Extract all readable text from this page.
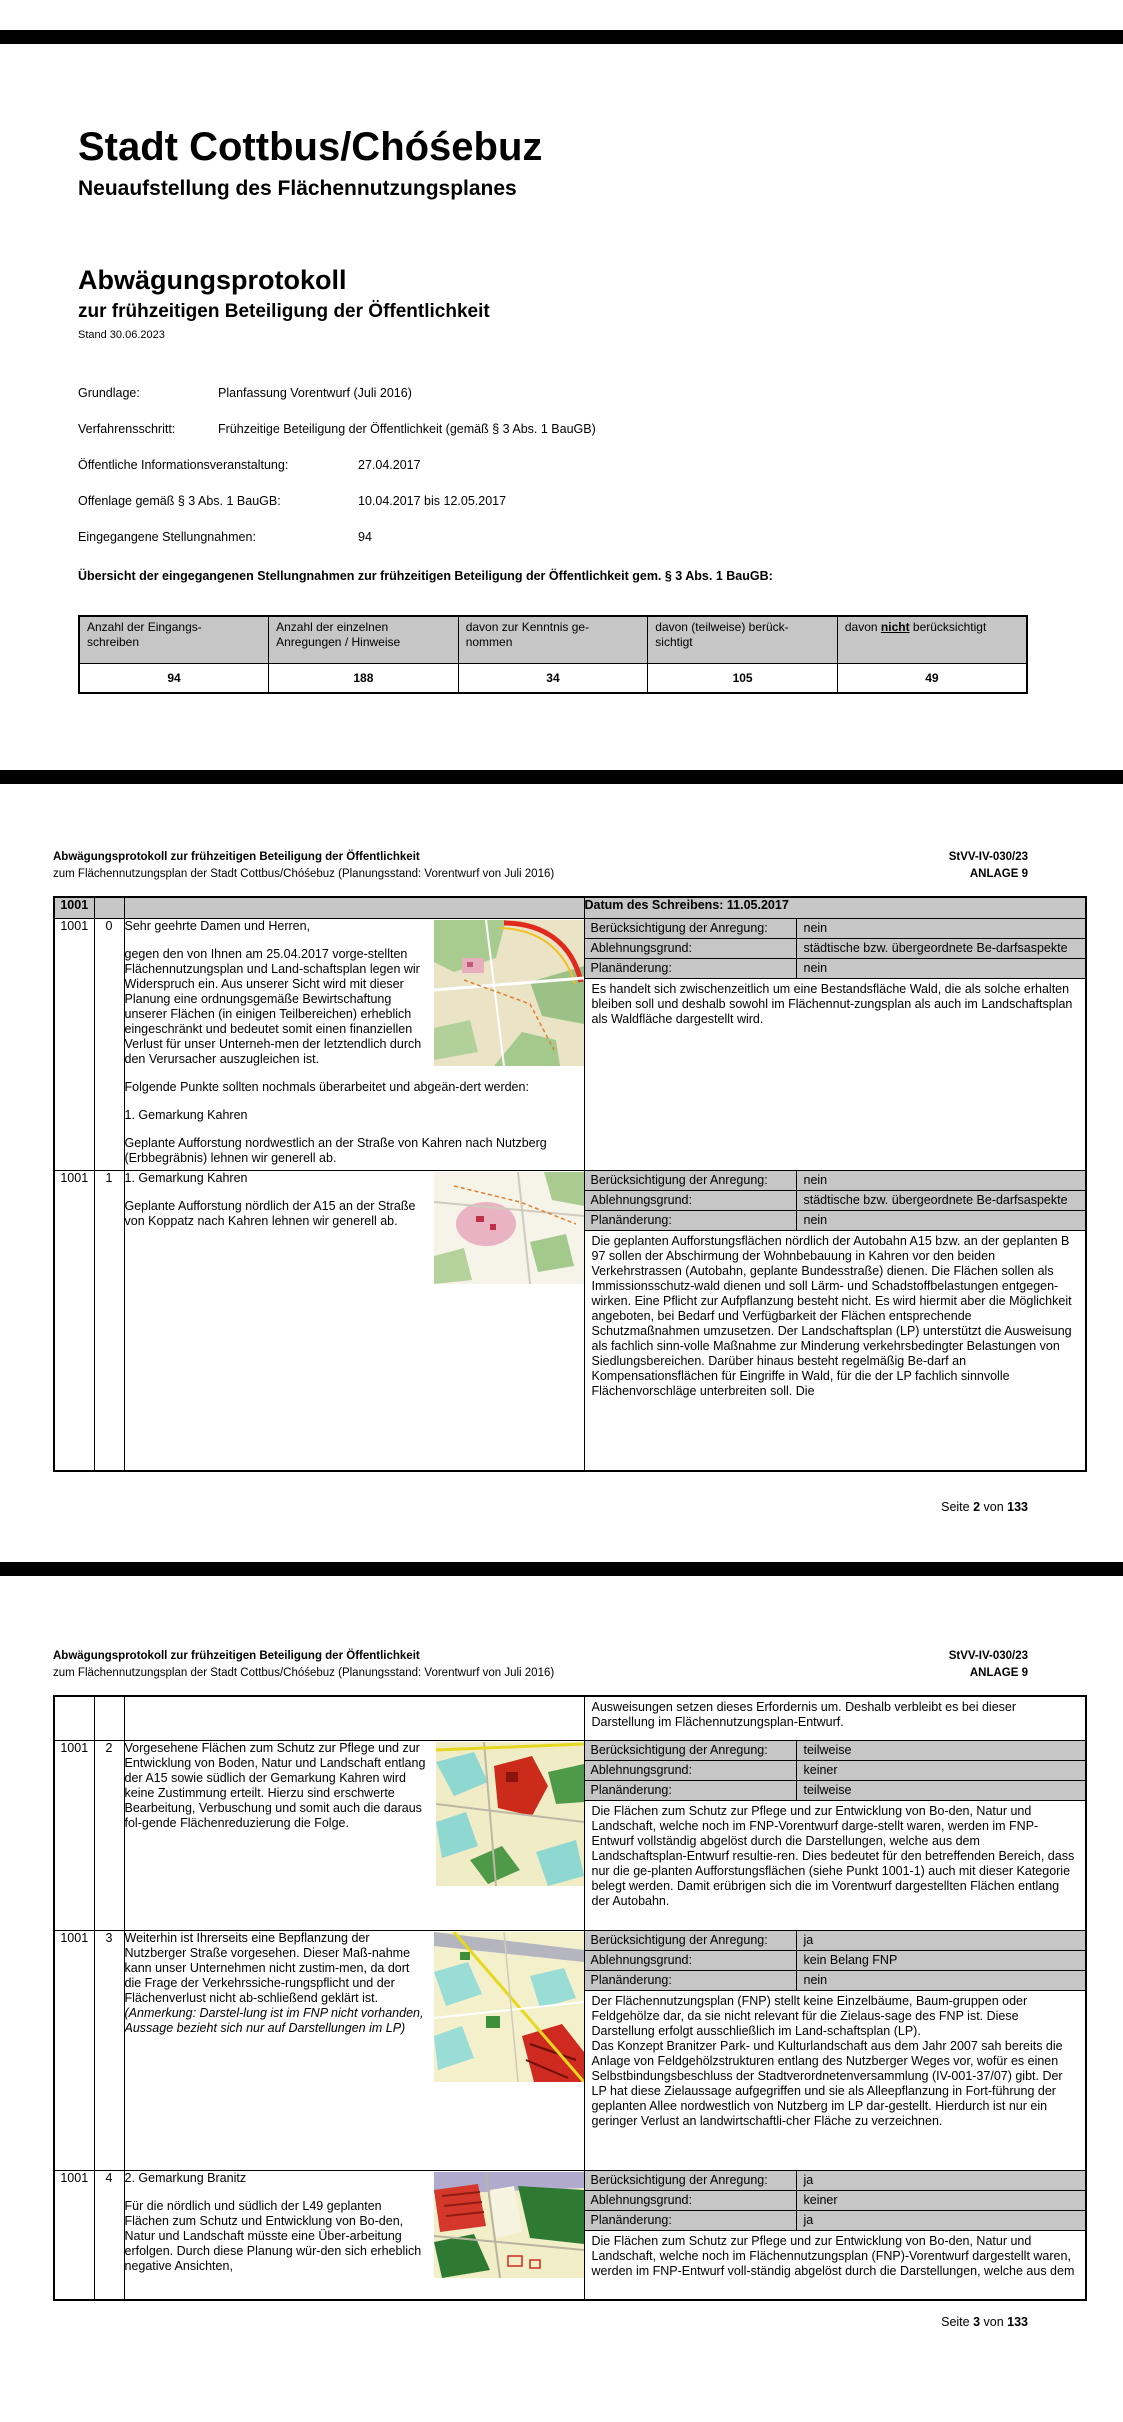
Stadt Cottbus/Chóśebuz
Neuaufstellung des Flächennutzungsplanes
Abwägungsprotokoll
zur frühzeitigen Beteiligung der Öffentlichkeit
Stand 30.06.2023
Grundlage:	Planfassung Vorentwurf (Juli 2016)
Verfahrensschritt:	Frühzeitige Beteiligung der Öffentlichkeit (gemäß § 3 Abs. 1 BauGB)
Öffentliche Informationsveranstaltung:	27.04.2017
Offenlage gemäß § 3 Abs. 1 BauGB:	10.04.2017 bis 12.05.2017
Eingegangene Stellungnahmen:	94
Übersicht der eingegangenen Stellungnahmen zur frühzeitigen Beteiligung der Öffentlichkeit gem. § 3 Abs. 1 BauGB:
Anzahl der Eingangs-
schreiben	Anzahl der einzelnen
Anregungen / Hinweise	davon zur Kenntnis ge-
nommen	davon (teilweise) berück-
sichtigt	davon nicht berücksichtigt
94	188	34	105	49
Abwägungsprotokoll zur frühzeitigen Beteiligung der Öffentlichkeit
zum Flächennutzungsplan der Stadt Cottbus/Chóśebuz (Planungsstand: Vorentwurf von Juli 2016)
StVV-IV-030/23
ANLAGE 9
1001			Datum des Schreibens: 11.05.2017
1001	0	Sehr geehrte Damen und Herren,

gegen den von Ihnen am 25.04.2017 vorge-stellten Flächennutzungsplan und Land-schaftsplan legen wir Widerspruch ein. Aus unserer Sicht wird mit dieser Planung eine ordnungsgemäße Bewirtschaftung unserer Flächen (in einigen Teilbereichen) erheblich eingeschränkt und bedeutet somit einen finanziellen Verlust für unser Unterneh-men der letztendlich durch den Verursacher auszugleichen ist.

Folgende Punkte sollten nochmals überarbeitet und abgeän-dert werden:

1. Gemarkung Kahren

Geplante Aufforstung nordwestlich an der Straße von Kahren nach Nutzberg (Erbbegräbnis) lehnen wir generell ab.

Berücksichtigung der Anregung:	nein
Ablehnungsgrund:	städtische bzw. übergeordnete Be-darfsaspekte
Planänderung:	nein

Es handelt sich zwischenzeitlich um eine Bestandsfläche Wald, die als solche erhalten bleiben soll und deshalb sowohl im Flächennut-zungsplan als auch im Landschaftsplan als Waldfläche dargestellt wird.

1001	1	1. Gemarkung Kahren

Geplante Aufforstung nördlich der A15 an der Straße von Koppatz nach Kahren lehnen wir generell ab.

Berücksichtigung der Anregung:	nein
Ablehnungsgrund:	städtische bzw. übergeordnete Be-darfsaspekte
Planänderung:	nein

Die geplanten Aufforstungsflächen nördlich der Autobahn A15 bzw. an der geplanten B 97 sollen der Abschirmung der Wohnbebauung in Kahren vor den beiden Verkehrstrassen (Autobahn, geplante Bundesstraße) dienen. Die Flächen sollen als Immissionsschutz-wald dienen und soll Lärm- und Schadstoffbelastungen entgegen-wirken. Eine Pflicht zur Aufpflanzung besteht nicht. Es wird hiermit aber die Möglichkeit angeboten, bei Bedarf und Verfügbarkeit der Flächen entsprechende Schutzmaßnahmen umzusetzen. Der Landschaftsplan (LP) unterstützt die Ausweisung als fachlich sinn-volle Maßnahme zur Minderung verkehrsbedingter Belastungen von Siedlungsbereichen. Darüber hinaus besteht regelmäßig Be-darf an Kompensationsflächen für Eingriffe in Wald, für die der LP fachlich sinnvolle Flächenvorschläge unterbreiten soll. Die

Seite 2 von 133
Abwägungsprotokoll zur frühzeitigen Beteiligung der Öffentlichkeit
zum Flächennutzungsplan der Stadt Cottbus/Chóśebuz (Planungsstand: Vorentwurf von Juli 2016)
StVV-IV-030/23
ANLAGE 9

			Ausweisungen setzen dieses Erfordernis um. Deshalb verbleibt es bei dieser Darstellung im Flächennutzungsplan-Entwurf.

1001	2	Vorgesehene Flächen zum Schutz zur Pflege und zur Entwicklung von Boden, Natur und Landschaft entlang der A15 sowie südlich der Gemarkung Kahren wird keine Zustimmung erteilt. Hierzu sind erschwerte Bearbeitung, Verbuschung und somit auch die daraus fol-gende Flächenreduzierung die Folge.

Berücksichtigung der Anregung:	teilweise
Ablehnungsgrund:	keiner
Planänderung:	teilweise

Die Flächen zum Schutz zur Pflege und zur Entwicklung von Bo-den, Natur und Landschaft, welche noch im FNP-Vorentwurf darge-stellt waren, werden im FNP-Entwurf vollständig abgelöst durch die Darstellungen, welche aus dem Landschaftsplan-Entwurf resultie-ren. Dies bedeutet für den betreffenden Bereich, dass nur die ge-planten Aufforstungsflächen (siehe Punkt 1001-1) auch mit dieser Kategorie belegt werden. Damit erübrigen sich die im Vorentwurf dargestellten Flächen entlang der Autobahn.

1001	3	Weiterhin ist Ihrerseits eine Bepflanzung der Nutzberger Straße vorgesehen. Dieser Maß-nahme kann unser Unternehmen nicht zustim-men, da dort die Frage der Verkehrssiche-rungspflicht und der Flächenverlust nicht ab-schließend geklärt ist. (Anmerkung: Darstel-lung ist im FNP nicht vorhanden, Aussage bezieht sich nur auf Darstellungen im LP)

Berücksichtigung der Anregung:	ja
Ablehnungsgrund:	kein Belang FNP
Planänderung:	nein

Der Flächennutzungsplan (FNP) stellt keine Einzelbäume, Baum-gruppen oder Feldgehölze dar, da sie nicht relevant für die Zielaus-sage des FNP ist. Diese Darstellung erfolgt ausschließlich im Land-schaftsplan (LP).

Das Konzept Branitzer Park- und Kulturlandschaft aus dem Jahr 2007 sah bereits die Anlage von Feldgehölzstrukturen entlang des Nutzberger Weges vor, wofür es einen Selbstbindungsbeschluss der Stadtverordnetenversammlung (IV-001-37/07) gibt. Der LP hat diese Zielaussage aufgegriffen und sie als Alleepflanzung in Fort-führung der geplanten Allee nordwestlich von Nutzberg im LP dar-gestellt. Hierdurch ist nur ein geringer Verlust an landwirtschaftli-cher Fläche zu verzeichnen.

1001	4	2. Gemarkung Branitz

Für die nördlich und südlich der L49 geplanten Flächen zum Schutz und Entwicklung von Bo-den, Natur und Landschaft müsste eine Über-arbeitung erfolgen. Durch diese Planung wür-den sich erheblich negative Ansichten,

Berücksichtigung der Anregung:	ja
Ablehnungsgrund:	keiner
Planänderung:	ja

Die Flächen zum Schutz zur Pflege und zur Entwicklung von Bo-den, Natur und Landschaft, welche noch im Flächennutzungsplan (FNP)-Vorentwurf dargestellt waren, werden im FNP-Entwurf voll-ständig abgelöst durch die Darstellungen, welche aus dem

Seite 3 von 133
